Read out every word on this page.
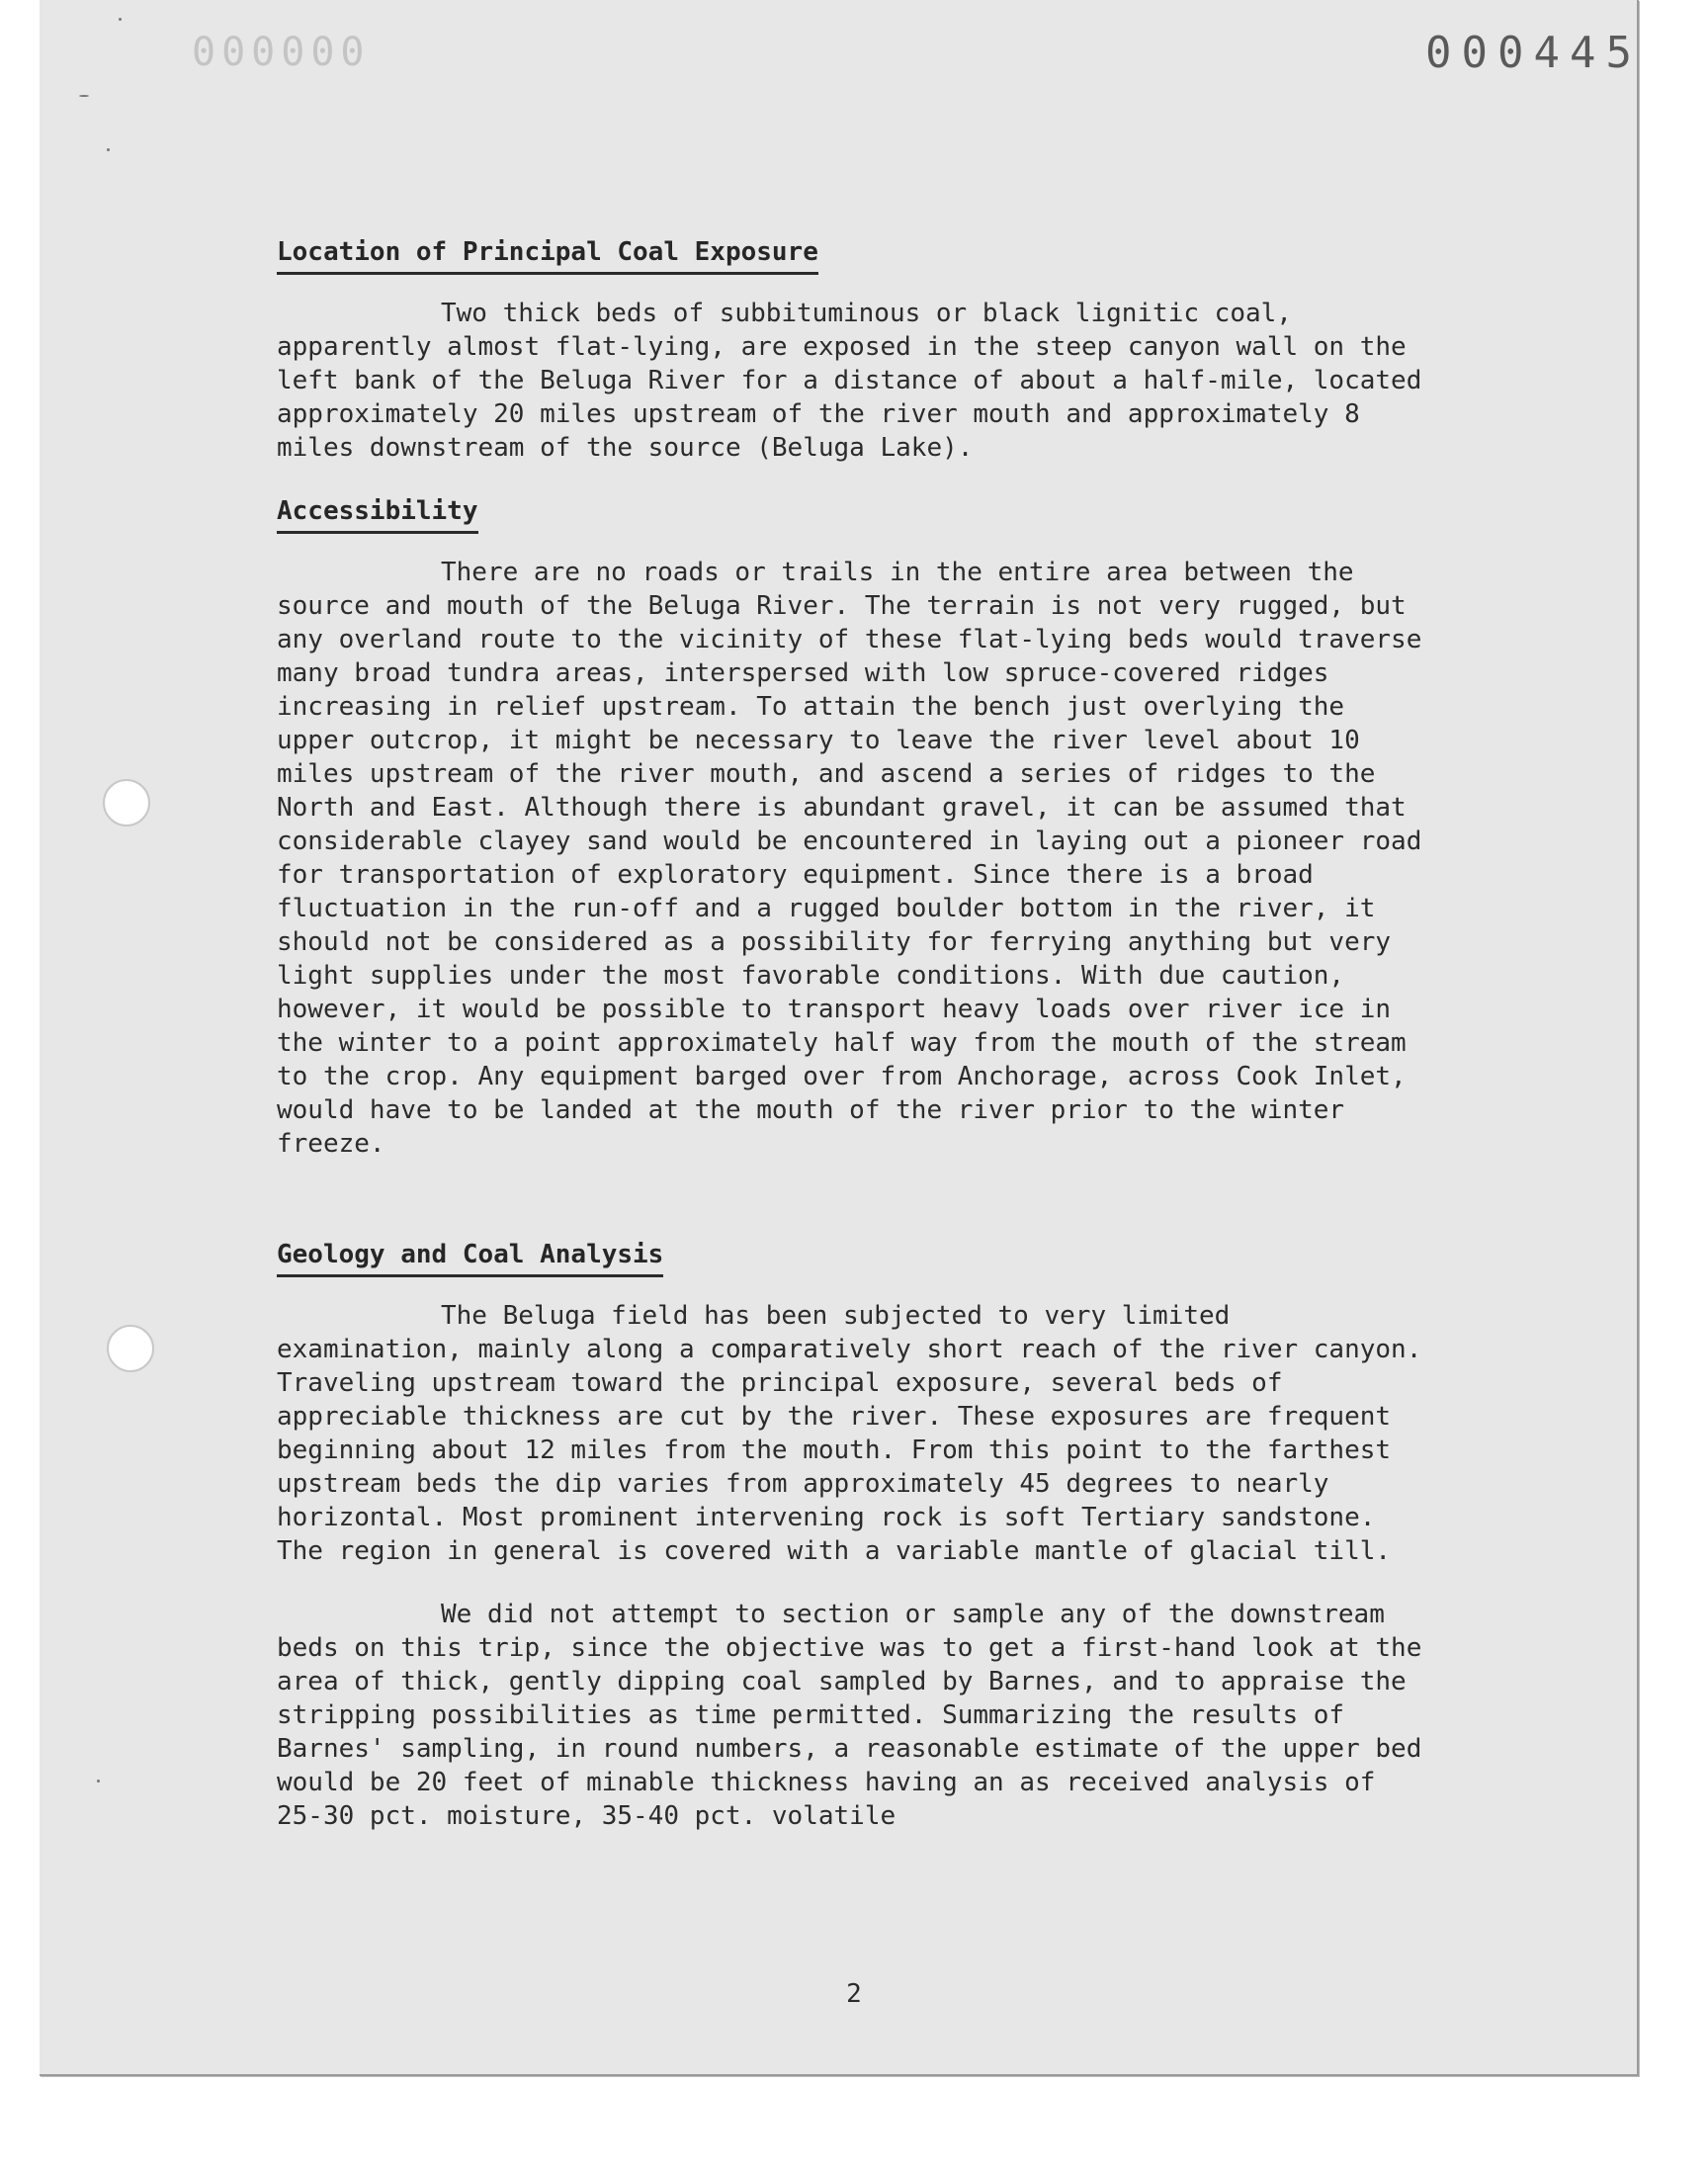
000000	000445
Location of Principal Coal Exposure

Two thick beds of subbituminous or black lignitic coal, apparently almost flat-lying, are exposed in the steep canyon wall on the left bank of the Beluga River for a distance of about a half-mile, located approximately 20 miles upstream of the river mouth and approximately 8 miles downstream of the source (Beluga Lake).

Accessibility

There are no roads or trails in the entire area between the source and mouth of the Beluga River. The terrain is not very rugged, but any overland route to the vicinity of these flat-lying beds would traverse many broad tundra areas, interspersed with low spruce-covered ridges increasing in relief upstream. To attain the bench just overlying the upper outcrop, it might be necessary to leave the river level about 10 miles upstream of the river mouth, and ascend a series of ridges to the North and East. Although there is abundant gravel, it can be assumed that considerable clayey sand would be encountered in laying out a pioneer road for transportation of exploratory equipment. Since there is a broad fluctuation in the run-off and a rugged boulder bottom in the river, it should not be considered as a possibility for ferrying anything but very light supplies under the most favorable conditions. With due caution, however, it would be possible to transport heavy loads over river ice in the winter to a point approximately half way from the mouth of the stream to the crop. Any equipment barged over from Anchorage, across Cook Inlet, would have to be landed at the mouth of the river prior to the winter freeze.

Geology and Coal Analysis

The Beluga field has been subjected to very limited examination, mainly along a comparatively short reach of the river canyon. Traveling upstream toward the principal exposure, several beds of appreciable thickness are cut by the river. These exposures are frequent beginning about 12 miles from the mouth. From this point to the farthest upstream beds the dip varies from approximately 45 degrees to nearly horizontal. Most prominent intervening rock is soft Tertiary sandstone. The region in general is covered with a variable mantle of glacial till.

We did not attempt to section or sample any of the downstream beds on this trip, since the objective was to get a first-hand look at the area of thick, gently dipping coal sampled by Barnes, and to appraise the stripping possibilities as time permitted. Summarizing the results of Barnes' sampling, in round numbers, a reasonable estimate of the upper bed would be 20 feet of minable thickness having an as received analysis of 25-30 pct. moisture, 35-40 pct. volatile

2
